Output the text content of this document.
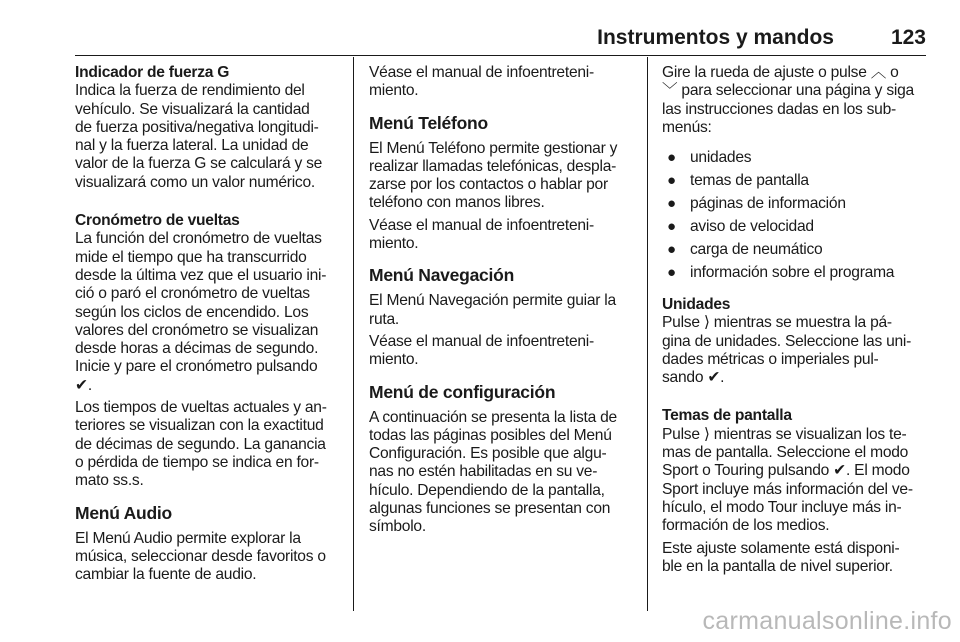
Instrumentos y mandos	123
Indicador de fuerza G
Indica la fuerza de rendimiento del
vehículo. Se visualizará la cantidad
de fuerza positiva/negativa longitudi-
nal y la fuerza lateral. La unidad de
valor de la fuerza G se calculará y se
visualizará como un valor numérico.
Cronómetro de vueltas
La función del cronómetro de vueltas
mide el tiempo que ha transcurrido
desde la última vez que el usuario ini-
ció o paró el cronómetro de vueltas
según los ciclos de encendido. Los
valores del cronómetro se visualizan
desde horas a décimas de segundo.
Inicie y pare el cronómetro pulsando
✔.
Los tiempos de vueltas actuales y an-
teriores se visualizan con la exactitud
de décimas de segundo. La ganancia
o pérdida de tiempo se indica en for-
mato ss.s.
Menú Audio
El Menú Audio permite explorar la
música, seleccionar desde favoritos o
cambiar la fuente de audio.
Véase el manual de infoentreteni-
miento.
Menú Teléfono
El Menú Teléfono permite gestionar y
realizar llamadas telefónicas, despla-
zarse por los contactos o hablar por
teléfono con manos libres.
Véase el manual de infoentreteni-
miento.
Menú Navegación
El Menú Navegación permite guiar la
ruta.
Véase el manual de infoentreteni-
miento.
Menú de configuración
A continuación se presenta la lista de
todas las páginas posibles del Menú
Configuración. Es posible que algu-
nas no estén habilitadas en su ve-
hículo. Dependiendo de la pantalla,
algunas funciones se presentan con
símbolo.
Gire la rueda de ajuste o pulse ︿ o
﹀ para seleccionar una página y siga
las instrucciones dadas en los sub-
menús:
● unidades
● temas de pantalla
● páginas de información
● aviso de velocidad
● carga de neumático
● información sobre el programa
Unidades
Pulse ⟩ mientras se muestra la pá-
gina de unidades. Seleccione las uni-
dades métricas o imperiales pul-
sando ✔.
Temas de pantalla
Pulse ⟩ mientras se visualizan los te-
mas de pantalla. Seleccione el modo
Sport o Touring pulsando ✔. El modo
Sport incluye más información del ve-
hículo, el modo Tour incluye más in-
formación de los medios.
Este ajuste solamente está disponi-
ble en la pantalla de nivel superior.
carmanualsonline.info
